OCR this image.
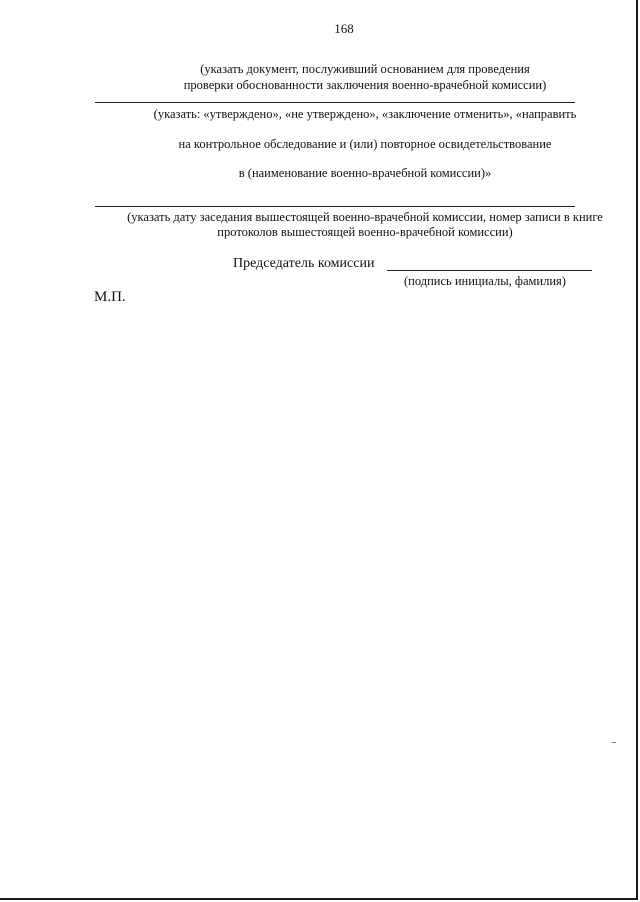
168
(указать документ, послуживший основанием для проведения
проверки обоснованности заключения военно-врачебной комиссии)
(указать: «утверждено», «не утверждено», «заключение отменить», «направить
на контрольное обследование и (или) повторное освидетельствование
в (наименование военно-врачебной комиссии)»
(указать дату заседания вышестоящей военно-врачебной комиссии, номер записи в книге
протоколов вышестоящей военно-врачебной комиссии)
Председатель комиссии
(подпись инициалы, фамилия)
М.П.
